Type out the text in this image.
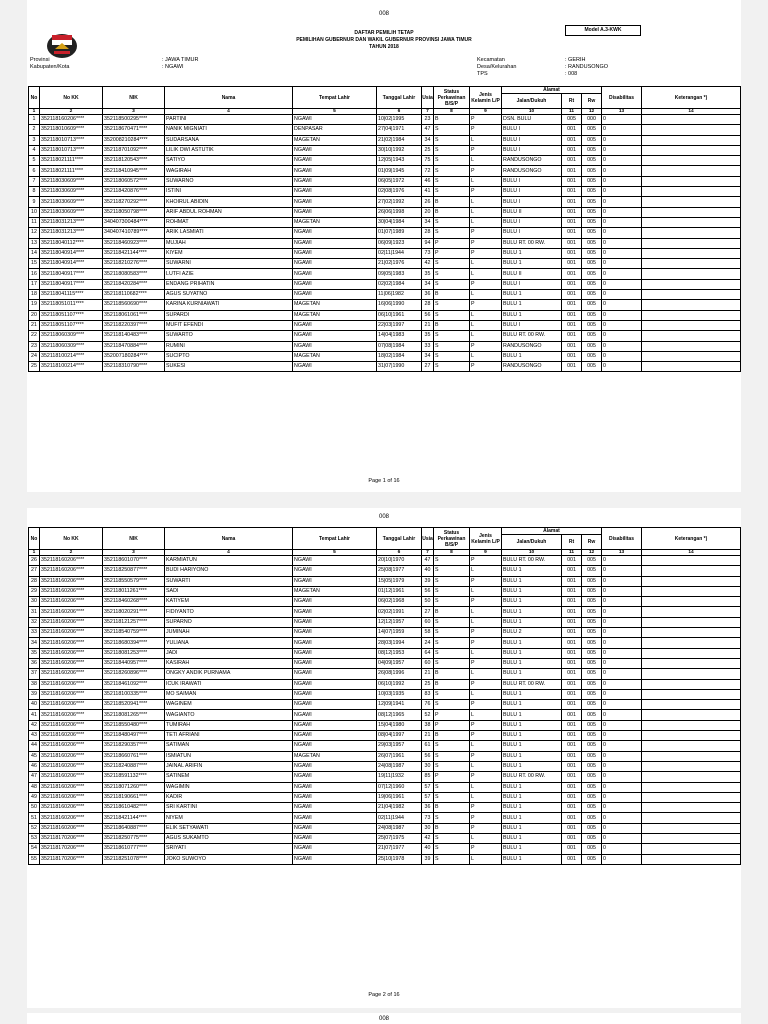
008
Model A.3-KWK
DAFTAR PEMILIH TETAP
PEMILIHAN GUBERNUR DAN WAKIL GUBERNUR PROVINSI JAWA TIMUR
TAHUN 2018
Provinsi	: JAWA TIMUR
Kabupaten/Kota	: NGAWI
Kecamatan	: GERIH
Desa/Kelurahan	: RANDUSONGO
TPS	: 008
No	No KK	NIK	Nama	Tempat Lahir	Tanggal Lahir	Usia	Status Perkawinan B/S/P	Jenis Kelamin L/P	Alamat			Disabilitas	Keterangan *)
									Jalan/Dukuh	Rt	Rw		
1	2	3	4	5	6	7	8	9	10	11	12	13	14
1	352118160206****	352118500295****	PARTINI	NGAWI	10|02|1995	23	B	P	DSN. BULU	005	000	0	
2	352118010609****	352118670471****	NANIK MIGNIATI	DENPASAR	27|04|1971	47	S	P	BULU I	001	005	0	
3	352118010713****	352008210284****	SUDARSANA	MAGETAN	21|02|1984	34	S	L	BULU I	001	005	0	
4	352118010713****	352118701092****	LILIK DWI ASTUTIK	NGAWI	30|10|1992	25	S	P	BULU I	001	005	0	
5	352118021111****	352118120543****	SATIYO	NGAWI	12|05|1943	75	S	L	RANDUSONGO	001	005	0	
6	352118021111****	352118410945****	WAGIRAH	NGAWI	01|09|1945	72	S	P	RANDUSONGO	001	005	0	
7	352118030609****	352118060572****	SUWARNO	NGAWI	06|05|1972	46	S	L	BULU I	001	005	0	
8	352118030609****	352118420876****	ISTINI	NGAWI	02|08|1976	41	S	P	BULU I	001	005	0	
9	352118030609****	352118270292****	KHOIRUL ABIDIN	NGAWI	27|02|1992	26	B	L	BULU I	001	005	0	
10	352118030609****	352118050798****	ARIF ABDUL ROHMAN	NGAWI	26|06|1998	20	B	L	BULU II	001	005	0	
11	352118031213****	340407300484****	ROHMAT	MAGETAN	30|04|1984	34	S	L	BULU I	001	005	0	
12	352118031213****	340407410789****	ARIK LASMIATI	NGAWI	01|07|1989	28	S	P	BULU I	001	005	0	
13	352118040112****	352118460923****	MUJIAH	NGAWI	06|09|1923	94	P	P	BULU RT. 00 RW.	001	005	0	
14	352118040914****	352118421144****	KIYEM	NGAWI	02|11|1944	73	P	P	BULU 1	001	005	0	
15	352118040914****	352118210276****	SUWARNI	NGAWI	21|02|1976	42	S	L	BULU 1	001	005	0	
16	352118040917****	352118080583****	LUTFI AZIE	NGAWI	09|05|1983	35	S	L	BULU II	001	005	0	
17	352118040917****	352118420284****	ENDANG PRIHATIN	NGAWI	02|02|1984	34	S	P	BULU I	001	005	0	
18	352118041115****	352118110682****	AGUS SUYATNO	NGAWI	11|06|1982	36	B	L	BULU 1	001	005	0	
19	352118051011****	352118560690****	KARINA KURNIAWATI	MAGETAN	16|06|1990	28	S	P	BULU 1	001	005	0	
20	352118051107****	352118061061****	SUPARDI	MAGETAN	06|10|1961	56	S	L	BULU 1	001	005	0	
21	352118051107****	352118220397****	MUFIT EFENDI	NGAWI	22|03|1997	21	B	L	BULU I	001	005	0	
22	352118060309****	352118140483****	SUWARTO	NGAWI	14|04|1983	35	S	L	BULU RT. 00 RW.	001	005	0	
23	352118060309****	352118470884****	RUMINI	NGAWI	07|08|1984	33	S	P	RANDUSONGO	001	005	0	
24	352118100214****	352007180284****	SUCIPTO	MAGETAN	18|02|1984	34	S	L	BULU 1	001	005	0	
25	352118100214****	352118310790****	SUKESI	NGAWI	31|07|1990	27	S	P	RANDUSONGO	001	005	0	
Page 1 of 16
008
No	No KK	NIK	Nama	Tempat Lahir	Tanggal Lahir	Usia	Status Perkawinan B/S/P	Jenis Kelamin L/P	Alamat			Disabilitas	Keterangan *)
									Jalan/Dukuh	Rt	Rw		
1	2	3	4	5	6	7	8	9	10	11	12	13	14
26	352118160206****	352118601070****	KARMIATUN	NGAWI	20|10|1970	47	S	P	BULU RT. 00 RW.	001	005	0	
27	352118160206****	352118250877****	BUDI HARIYONO	NGAWI	25|08|1977	40	S	L	BULU 1	001	005	0	
28	352118160206****	352118550579****	SUWARTI	NGAWI	15|05|1979	39	S	P	BULU 1	001	005	0	
29	352118160206****	352118011261****	SADI	MAGETAN	01|12|1961	56	S	L	BULU 1	001	005	0	
30	352118160206****	352118460268****	KATIYEM	NGAWI	06|02|1968	50	S	P	BULU 1	001	005	0	
31	352118160206****	352118020291****	FIDIYANTO	NGAWI	02|02|1991	27	B	L	BULU 1	001	005	0	
32	352118160206****	352118121257****	SUPARNO	NGAWI	12|12|1957	60	S	L	BULU 1	001	005	0	
33	352118160206****	352118540759****	JUMINAH	NGAWI	14|07|1959	58	S	P	BULU 2	001	005	0	
34	352118160206****	352118680394****	YULIANA	NGAWI	28|03|1994	24	S	P	BULU 1	001	005	0	
35	352118160206****	352118081253****	JADI	NGAWI	08|12|1953	64	S	L	BULU 1	001	005	0	
36	352118160206****	352118440957****	KASIRAH	NGAWI	04|09|1957	60	S	P	BULU 1	001	005	0	
37	352118160206****	352118260896****	ONGKY ANDIK PURNAMA	NGAWI	26|08|1996	21	B	L	BULU 1	001	005	0	
38	352118160206****	352118461092****	ICUK IRAWATI	NGAWI	06|10|1992	25	B	P	BULU RT. 00 RW.	001	005	0	
39	352118160206****	352118100335****	MO SAIMAN	NGAWI	10|03|1935	83	S	L	BULU 1	001	005	0	
40	352118160206****	352118520941****	WAGINEM	NGAWI	12|09|1941	76	S	P	BULU 1	001	005	0	
41	352118160206****	352118081265****	WAGIANTO	NGAWI	08|12|1965	52	P	L	BULU 1	001	005	0	
42	352118160206****	352118550480****	TUMIRAH	NGAWI	15|04|1980	38	P	P	BULU 1	001	005	0	
43	352118160206****	352118480497****	TETI AFRIANI	NGAWI	08|04|1997	21	B	P	BULU 1	001	005	0	
44	352118160206****	352118290357****	SATIMAN	NGAWI	29|03|1957	61	S	L	BULU 1	001	005	0	
45	352118160206****	352118660761****	ISMIATUN	MAGETAN	26|07|1961	56	S	P	BULU 1	001	005	0	
46	352118160206****	352118240887****	JAINAL ARIFIN	NGAWI	24|08|1987	30	S	L	BULU 1	001	005	0	
47	352118160206****	352118591132****	SATINEM	NGAWI	19|11|1932	85	P	P	BULU RT. 00 RW.	001	005	0	
48	352118160206****	352118071260****	WAGIMIN	NGAWI	07|12|1960	57	S	L	BULU 1	001	005	0	
49	352118160206****	352118190661****	KADIR	NGAWI	19|06|1961	57	S	L	BULU 1	001	005	0	
50	352118160206****	352118610482****	SRI KARTINI	NGAWI	21|04|1982	36	B	P	BULU 1	001	005	0	
51	352118160206****	352118421144****	NIYEM	NGAWI	02|11|1944	73	S	P	BULU 1	001	005	0	
52	352118160206****	352118640887****	ELIK SETYAWATI	NGAWI	24|08|1987	30	B	P	BULU 1	001	005	0	
53	352118170206****	352118250775****	AGUS SUKAMTO	NGAWI	25|07|1975	42	S	L	BULU 1	001	005	0	
54	352118170206****	352118610777****	SRIYATI	NGAWI	21|07|1977	40	S	P	BULU 1	001	005	0	
55	352118170206****	352118251078****	JOKO SUWOYO	NGAWI	25|10|1978	39	S	L	BULU 1	001	005	0	
Page 2 of 16
008
